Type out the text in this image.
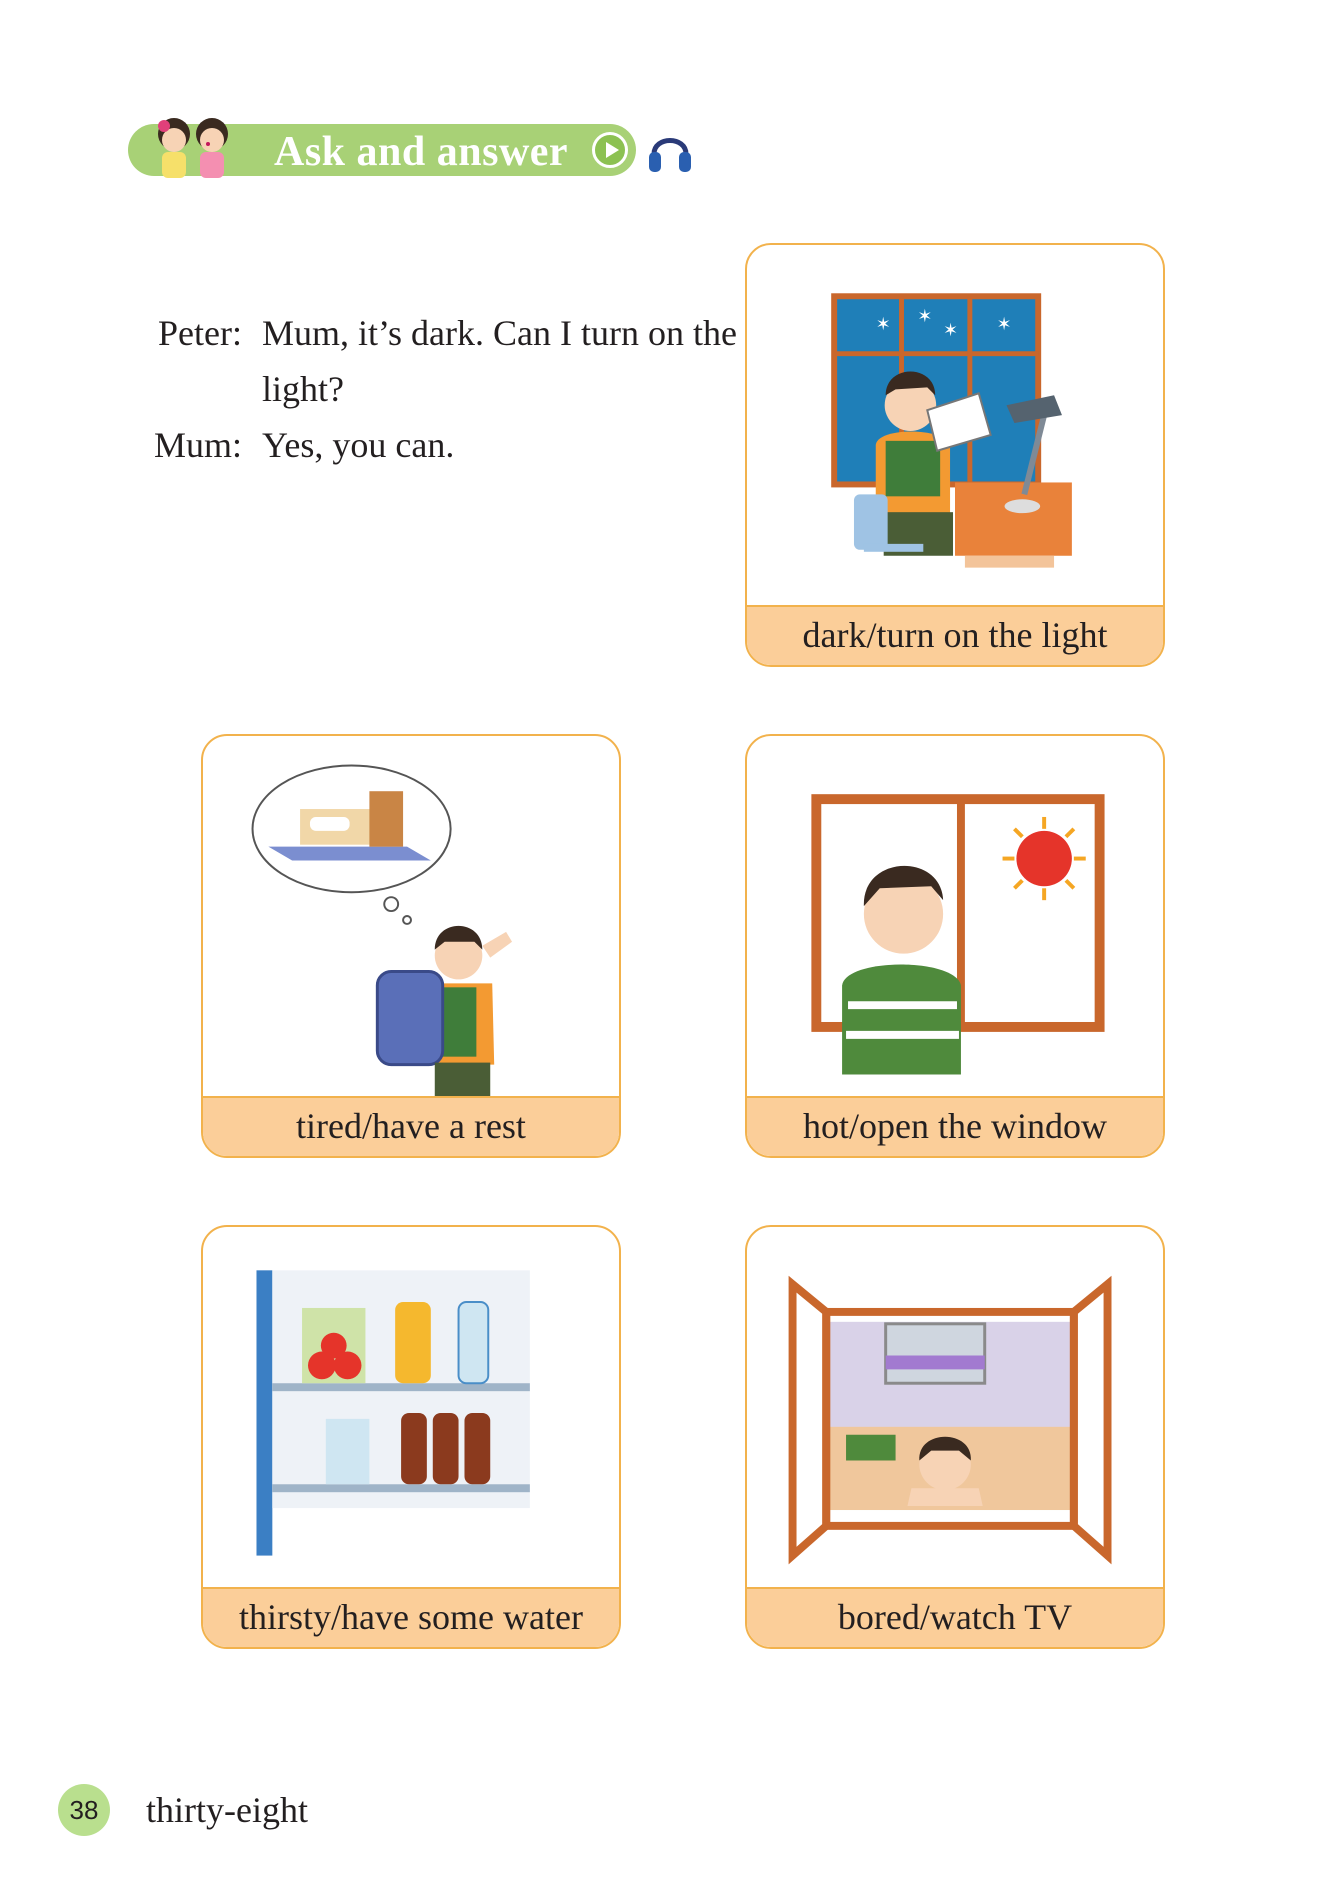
Ask and answer
Peter: Mum, it’s dark. Can I turn on the light?
Mum: Yes, you can.
✶ ✶
✶ ✶
dark/turn on the light
tired/have a rest	hot/open the window
thirsty/have some water	bored/watch TV
38	thirty-eight
